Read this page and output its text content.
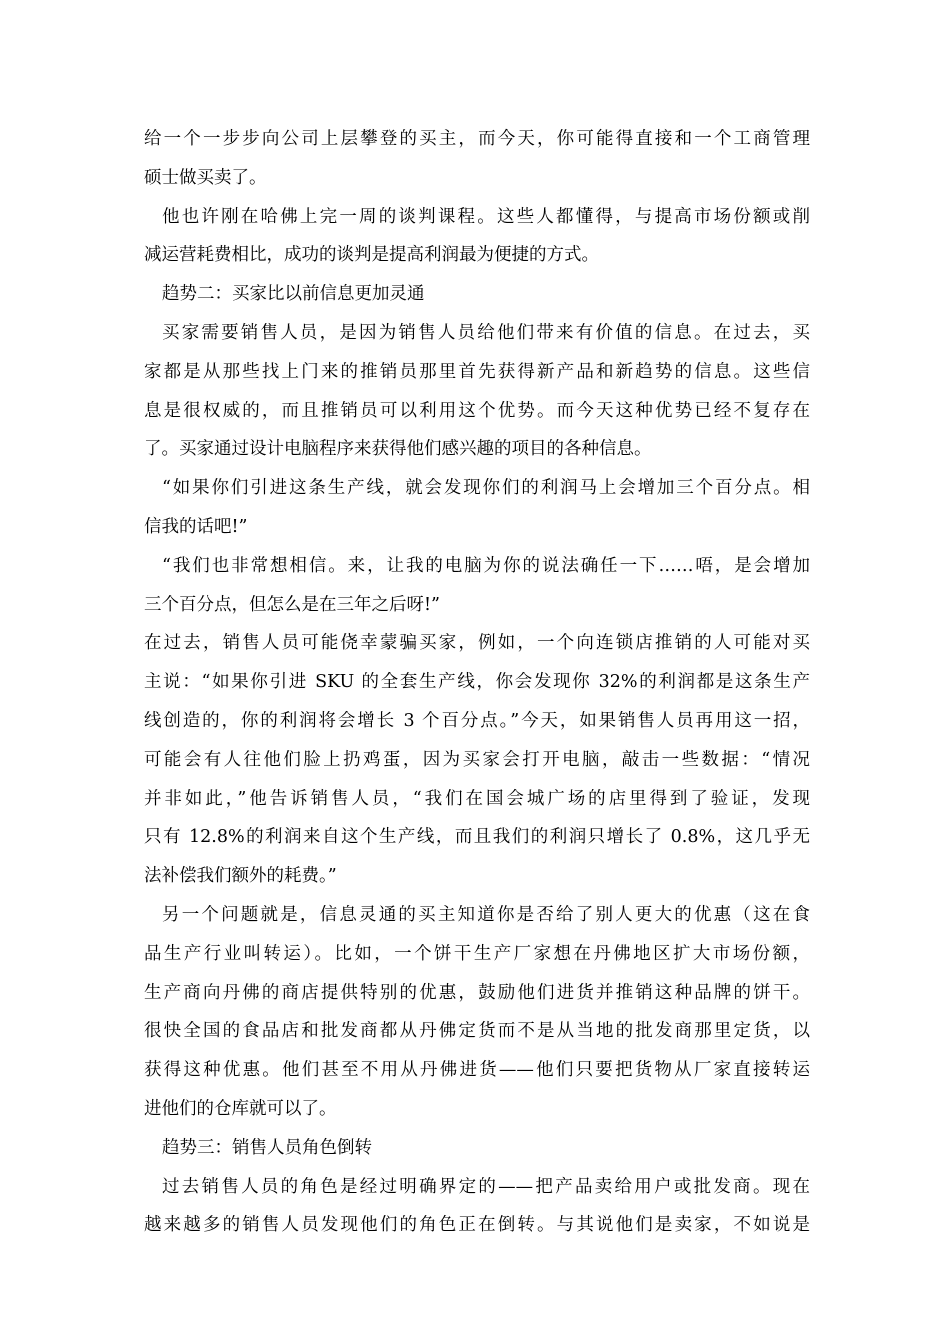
给一个一步步向公司上层攀登的买主，而今天，你可能得直接和一个工商管理
硕士做买卖了。
他也许刚在哈佛上完一周的谈判课程。这些人都懂得，与提高市场份额或削
减运营耗费相比，成功的谈判是提高利润最为便捷的方式。
趋势二：买家比以前信息更加灵通
买家需要销售人员，是因为销售人员给他们带来有价值的信息。在过去，买
家都是从那些找上门来的推销员那里首先获得新产品和新趋势的信息。这些信
息是很权威的，而且推销员可以利用这个优势。而今天这种优势已经不复存在
了。买家通过设计电脑程序来获得他们感兴趣的项目的各种信息。
“如果你们引进这条生产线，就会发现你们的利润马上会增加三个百分点。相
信我的话吧!”
“我们也非常想相信。来，让我的电脑为你的说法确任一下……唔，是会增加
三个百分点，但怎么是在三年之后呀!”
在过去，销售人员可能侥幸蒙骗买家，例如，一个向连锁店推销的人可能对买
主说：“如果你引进 SKU 的全套生产线，你会发现你 32%的利润都是这条生产
线创造的，你的利润将会增长 3 个百分点。”今天，如果销售人员再用这一招，
可能会有人往他们脸上扔鸡蛋，因为买家会打开电脑，敲击一些数据：“情况
并非如此，”他告诉销售人员，“我们在国会城广场的店里得到了验证，发现
只有 12.8%的利润来自这个生产线，而且我们的利润只增长了 0.8%，这几乎无
法补偿我们额外的耗费。”
另一个问题就是，信息灵通的买主知道你是否给了别人更大的优惠（这在食
品生产行业叫转运）。比如，一个饼干生产厂家想在丹佛地区扩大市场份额，
生产商向丹佛的商店提供特别的优惠，鼓励他们进货并推销这种品牌的饼干。
很快全国的食品店和批发商都从丹佛定货而不是从当地的批发商那里定货，以
获得这种优惠。他们甚至不用从丹佛进货——他们只要把货物从厂家直接转运
进他们的仓库就可以了。
趋势三：销售人员角色倒转
过去销售人员的角色是经过明确界定的——把产品卖给用户或批发商。现在
越来越多的销售人员发现他们的角色正在倒转。与其说他们是卖家，不如说是
